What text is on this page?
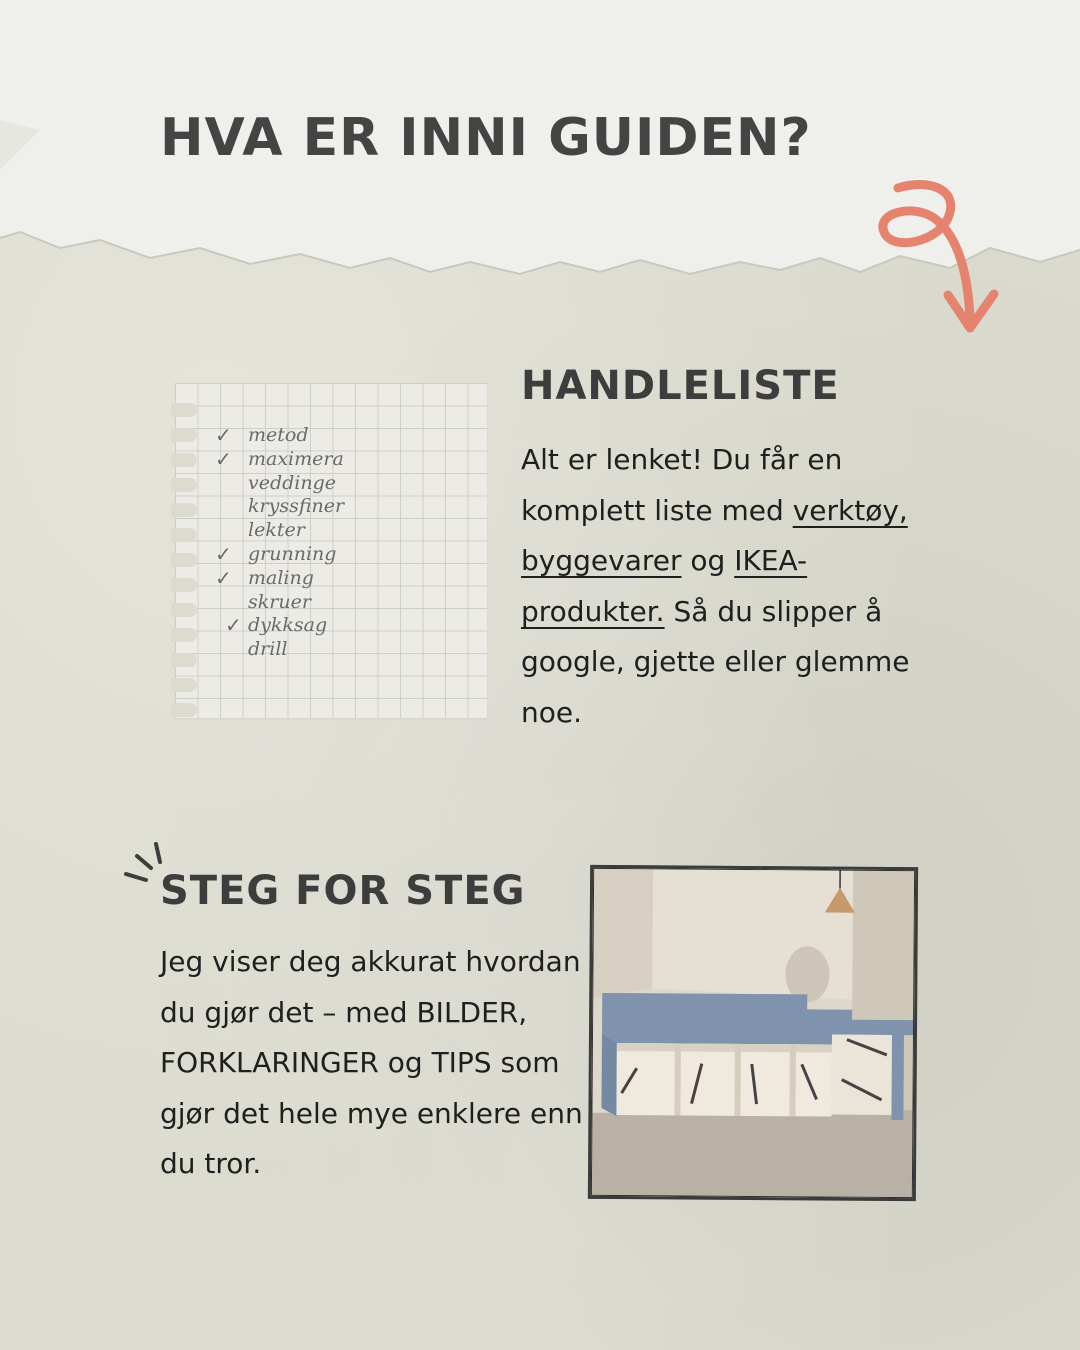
HVA ER INNI GUIDEN?
✓ metod
✓ maximera
veddinge
kryssfiner
lekter
✓ grunning
✓ maling
skruer
✓ dykksag
drill
HANDLELISTE

Alt er lenket! Du får en komplett liste med verktøy, byggevarer og IKEA-produkter. Så du slipper å google, gjette eller glemme noe.

STEG FOR STEG

Jeg viser deg akkurat hvordan du gjør det – med BILDER, FORKLARINGER og TIPS som gjør det hele mye enklere enn du tror.
